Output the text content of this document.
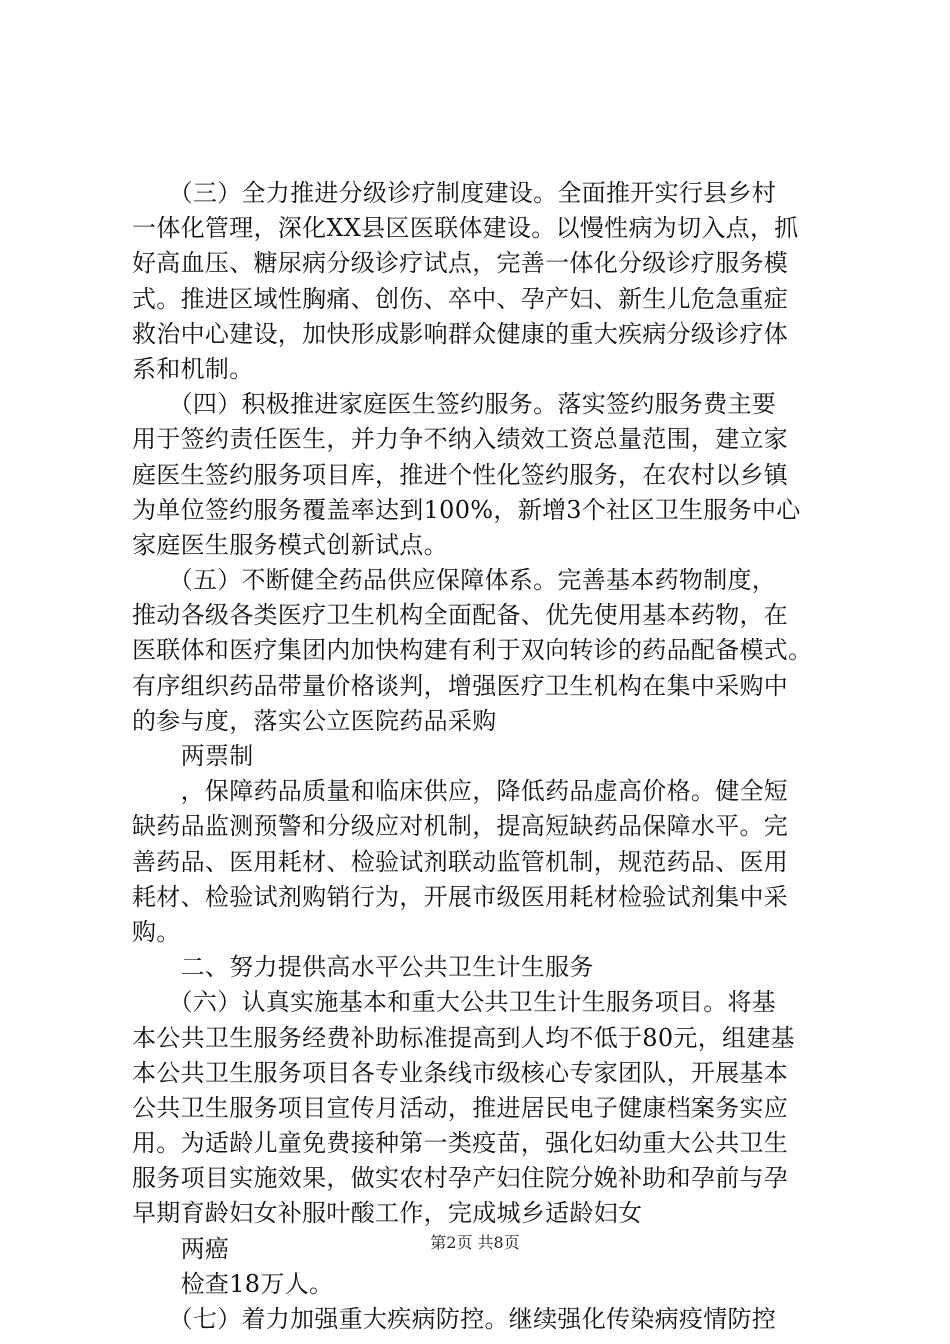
　　（三）全力推进分级诊疗制度建设。全面推开实行县乡村
一体化管理，深化XX县区医联体建设。以慢性病为切入点，抓
好高血压、糖尿病分级诊疗试点，完善一体化分级诊疗服务模
式。推进区域性胸痛、创伤、卒中、孕产妇、新生儿危急重症
救治中心建设，加快形成影响群众健康的重大疾病分级诊疗体
系和机制。
　　（四）积极推进家庭医生签约服务。落实签约服务费主要
用于签约责任医生，并力争不纳入绩效工资总量范围，建立家
庭医生签约服务项目库，推进个性化签约服务，在农村以乡镇
为单位签约服务覆盖率达到100%，新增3个社区卫生服务中心
家庭医生服务模式创新试点。
　　（五）不断健全药品供应保障体系。完善基本药物制度，
推动各级各类医疗卫生机构全面配备、优先使用基本药物，在
医联体和医疗集团内加快构建有利于双向转诊的药品配备模式。
有序组织药品带量价格谈判，增强医疗卫生机构在集中采购中
的参与度，落实公立医院药品采购
　　两票制
　　，保障药品质量和临床供应，降低药品虚高价格。健全短
缺药品监测预警和分级应对机制，提高短缺药品保障水平。完
善药品、医用耗材、检验试剂联动监管机制，规范药品、医用
耗材、检验试剂购销行为，开展市级医用耗材检验试剂集中采
购。
　　二、努力提供高水平公共卫生计生服务
　　（六）认真实施基本和重大公共卫生计生服务项目。将基
本公共卫生服务经费补助标准提高到人均不低于80元，组建基
本公共卫生服务项目各专业条线市级核心专家团队，开展基本
公共卫生服务项目宣传月活动，推进居民电子健康档案务实应
用。为适龄儿童免费接种第一类疫苗，强化妇幼重大公共卫生
服务项目实施效果，做实农村孕产妇住院分娩补助和孕前与孕
早期育龄妇女补服叶酸工作，完成城乡适龄妇女
　　两癌
　　检查18万人。
　　（七）着力加强重大疾病防控。继续强化传染病疫情防控
第2页 共8页
